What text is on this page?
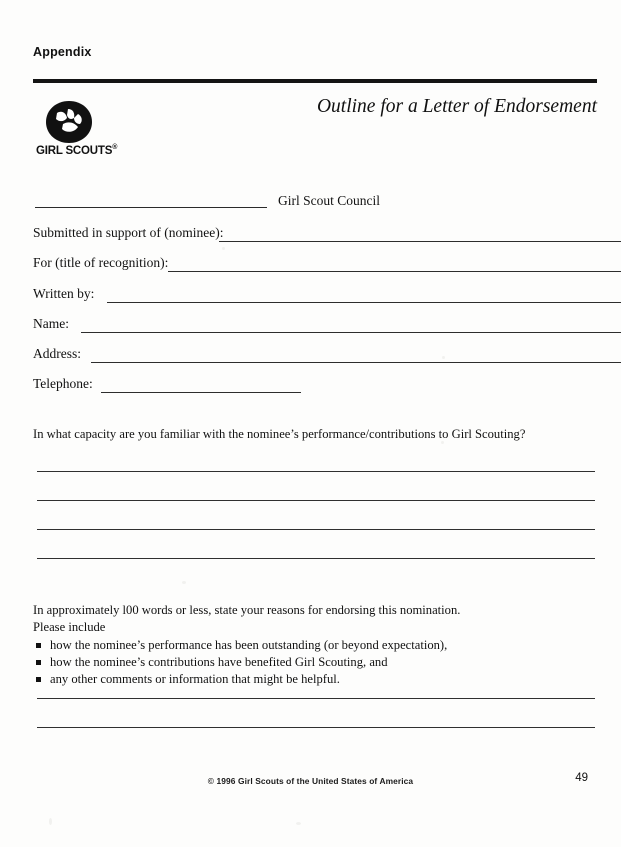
Appendix
Outline for a Letter of Endorsement
GIRL SCOUTS®
Girl Scout Council
Submitted in support of (nominee):
For (title of recognition):
Written by:
Name:
Address:
Telephone:
In what capacity are you familiar with the nominee’s performance/contributions to Girl Scouting?
In approximately l00 words or less, state your reasons for endorsing this nomination.
Please include
how the nominee’s performance has been outstanding (or beyond expectation),
how the nominee’s contributions have benefited Girl Scouting, and
any other comments or information that might be helpful.
© 1996 Girl Scouts of the United States of America	49
